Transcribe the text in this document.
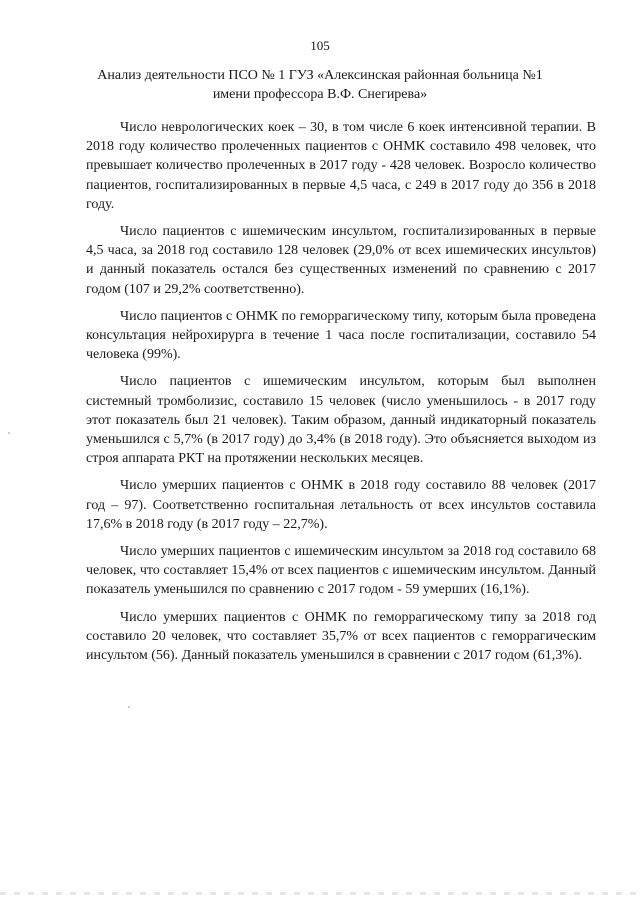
105
Анализ деятельности ПСО № 1 ГУЗ «Алексинская районная больница №1
имени профессора В.Ф. Снегирева»

Число неврологических коек – 30, в том числе 6 коек интенсивной терапии. В 2018 году количество пролеченных пациентов с ОНМК составило 498 человек, что превышает количество пролеченных в 2017 году - 428 человек. Возросло количество пациентов, госпитализированных в первые 4,5 часа, с 249 в 2017 году до 356 в 2018 году.

Число пациентов с ишемическим инсультом, госпитализированных в первые 4,5 часа, за 2018 год составило 128 человек (29,0% от всех ишемических инсультов) и данный показатель остался без существенных изменений по сравнению с 2017 годом (107 и 29,2% соответственно).

Число пациентов с ОНМК по геморрагическому типу, которым была проведена консультация нейрохирурга в течение 1 часа после госпитализации, составило 54 человека (99%).

Число пациентов с ишемическим инсультом, которым был выполнен системный тромболизис, составило 15 человек (число уменьшилось - в 2017 году этот показатель был 21 человек). Таким образом, данный индикаторный показатель уменьшился с 5,7% (в 2017 году) до 3,4% (в 2018 году). Это объясняется выходом из строя аппарата РКТ на протяжении нескольких месяцев.

Число умерших пациентов с ОНМК в 2018 году составило 88 человек (2017 год – 97). Соответственно госпитальная летальность от всех инсультов составила 17,6% в 2018 году (в 2017 году – 22,7%).

Число умерших пациентов с ишемическим инсультом за 2018 год составило 68 человек, что составляет 15,4% от всех пациентов с ишемическим инсультом. Данный показатель уменьшился по сравнению с 2017 годом - 59 умерших (16,1%).

Число умерших пациентов с ОНМК по геморрагическому типу за 2018 год составило 20 человек, что составляет 35,7% от всех пациентов с геморрагическим инсультом (56). Данный показатель уменьшился в сравнении с 2017 годом (61,3%).
